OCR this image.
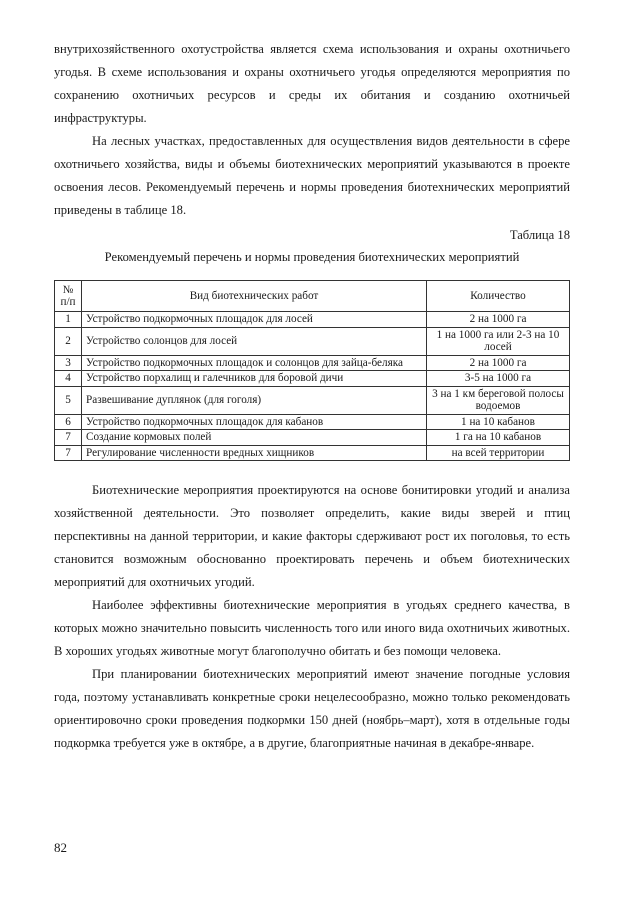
внутрихозяйственного охотустройства является схема использования и охраны охотничьего угодья. В схеме использования и охраны охотничьего угодья определяются мероприятия по сохранению охотничьих ресурсов и среды их обитания и созданию охотничьей инфраструктуры.

На лесных участках, предоставленных для осуществления видов деятельности в сфере охотничьего хозяйства, виды и объемы биотехнических мероприятий указываются в проекте освоения лесов. Рекомендуемый перечень и нормы проведения биотехнических мероприятий приведены в таблице 18.

Таблица 18
Рекомендуемый перечень и нормы проведения биотехнических мероприятий
№ п/п	Вид биотехнических работ	Количество
1	Устройство подкормочных площадок для лосей	2 на 1000 га
2	Устройство солонцов для лосей	1 на 1000 га или 2-3 на 10 лосей
3	Устройство подкормочных площадок и солонцов для зайца-беляка	2 на 1000 га
4	Устройство порхалищ и галечников для боровой дичи	3-5 на 1000 га
5	Развешивание дуплянок (для гоголя)	3 на 1 км береговой полосы водоемов
6	Устройство подкормочных площадок для кабанов	1 на 10 кабанов
7	Создание кормовых полей	1 га на 10 кабанов
7	Регулирование численности вредных хищников	на всей территории

Биотехнические мероприятия проектируются на основе бонитировки угодий и анализа хозяйственной деятельности. Это позволяет определить, какие виды зверей и птиц перспективны на данной территории, и какие факторы сдерживают рост их поголовья, то есть становится возможным обоснованно проектировать перечень и объем биотехнических мероприятий для охотничьих угодий.

Наиболее эффективны биотехнические мероприятия в угодьях среднего качества, в которых можно значительно повысить численность того или иного вида охотничьих животных. В хороших угодьях животные могут благополучно обитать и без помощи человека.

При планировании биотехнических мероприятий имеют значение погодные условия года, поэтому устанавливать конкретные сроки нецелесообразно, можно только рекомендовать ориентировочно сроки проведения подкормки 150 дней (ноябрь–март), хотя в отдельные годы подкормка требуется уже в октябре, а в другие, благоприятные начиная в декабре-январе.

82
